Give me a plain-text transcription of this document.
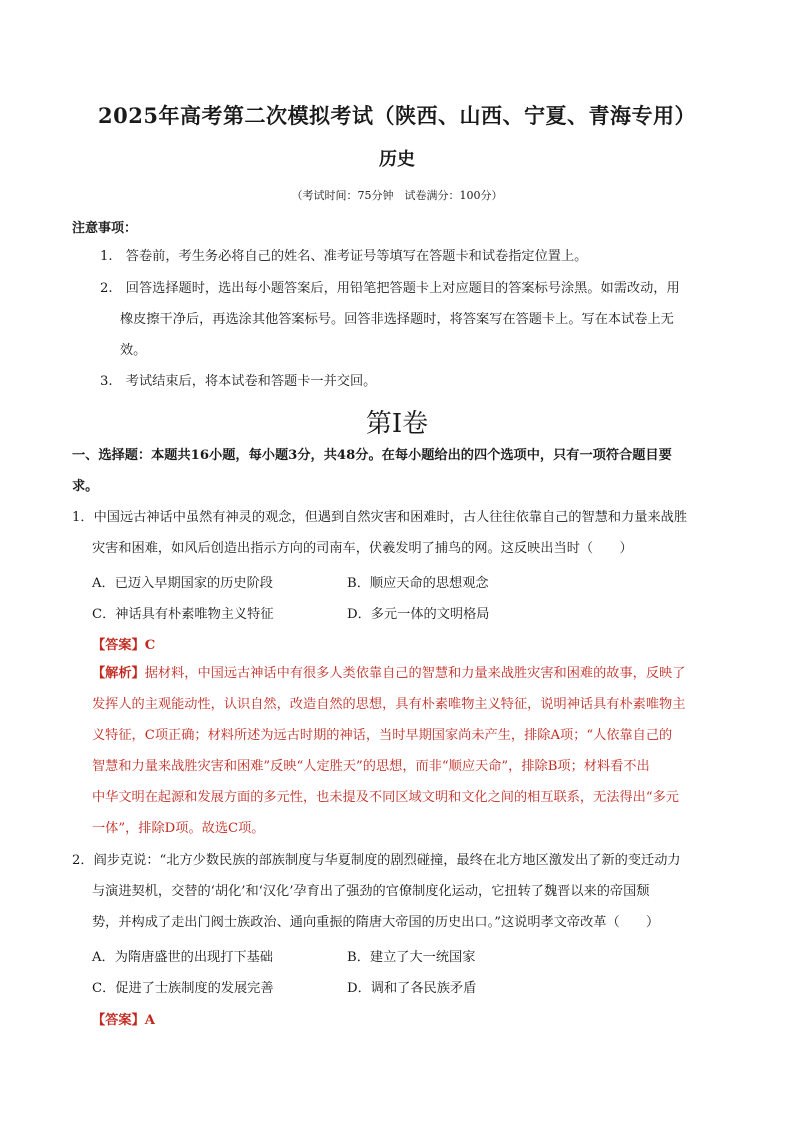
2025年高考第二次模拟考试（陕西、山西、宁夏、青海专用）
历史
（考试时间：75分钟　试卷满分：100分）
注意事项：
1.　答卷前，考生务必将自己的姓名、准考证号等填写在答题卡和试卷指定位置上。
2.　回答选择题时，选出每小题答案后，用铅笔把答题卡上对应题目的答案标号涂黑。如需改动，用
橡皮擦干净后，再选涂其他答案标号。回答非选择题时，将答案写在答题卡上。写在本试卷上无
效。
3.　考试结束后，将本试卷和答题卡一并交回。
第Ⅰ卷
一、选择题：本题共16小题，每小题3分，共48分。在每小题给出的四个选项中，只有一项符合题目要
求。
1．中国远古神话中虽然有神灵的观念，但遇到自然灾害和困难时，古人往往依靠自己的智慧和力量来战胜
灾害和困难，如风后创造出指示方向的司南车，伏羲发明了捕鸟的网。这反映出当时（　　）
A．已迈入早期国家的历史阶段	B．顺应天命的思想观念
C．神话具有朴素唯物主义特征	D．多元一体的文明格局
【答案】C
【解析】据材料，中国远古神话中有很多人类依靠自己的智慧和力量来战胜灾害和困难的故事，反映了
发挥人的主观能动性，认识自然，改造自然的思想，具有朴素唯物主义特征，说明神话具有朴素唯物主
义特征，C项正确；材料所述为远古时期的神话，当时早期国家尚未产生，排除A项；“人依靠自己的
智慧和力量来战胜灾害和困难”反映“人定胜天”的思想，而非“顺应天命”，排除B项；材料看不出
中华文明在起源和发展方面的多元性，也未提及不同区域文明和文化之间的相互联系，无法得出“多元
一体”，排除D项。故选C项。
2．阎步克说：“北方少数民族的部族制度与华夏制度的剧烈碰撞，最终在北方地区激发出了新的变迁动力
与演进契机，交替的‘胡化’和‘汉化’孕育出了强劲的官僚制度化运动，它扭转了魏晋以来的帝国颓
势，并构成了走出门阀士族政治、通向重振的隋唐大帝国的历史出口。”这说明孝文帝改革（　　）
A．为隋唐盛世的出现打下基础	B．建立了大一统国家
C．促进了士族制度的发展完善	D．调和了各民族矛盾
【答案】A
